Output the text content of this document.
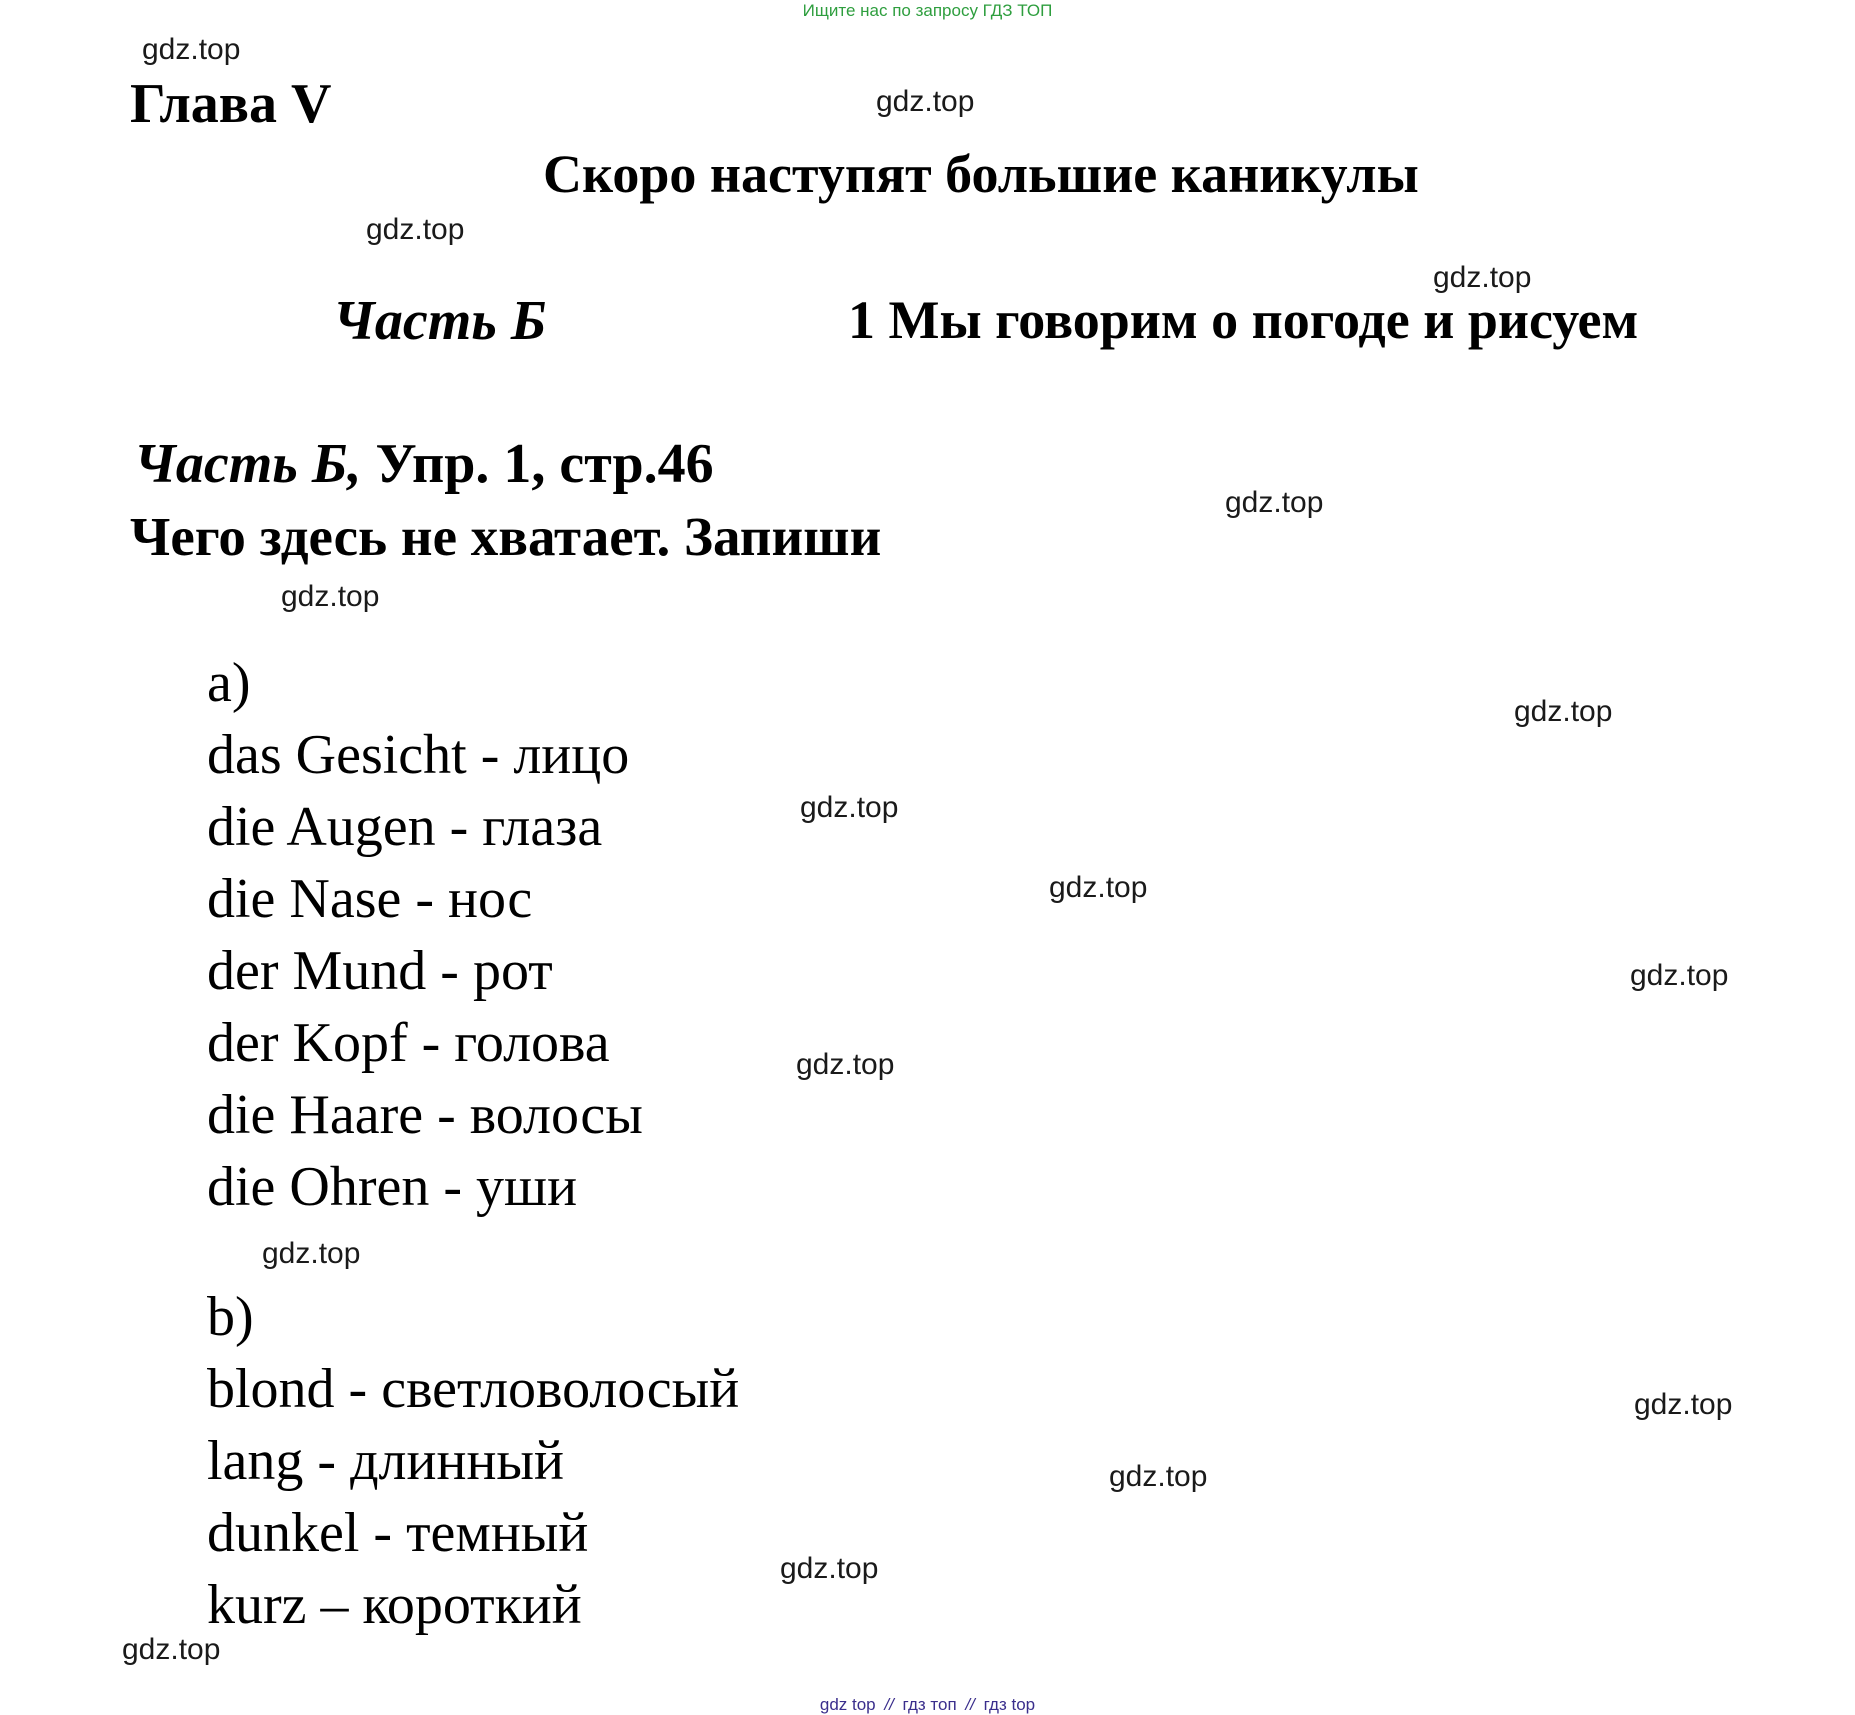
Ищите нас по запросу ГДЗ ТОП
gdz.top
gdz.top
gdz.top
gdz.top
gdz.top
gdz.top
gdz.top
gdz.top
gdz.top
gdz.top
gdz.top
gdz.top
gdz.top
gdz.top
gdz.top
gdz.top
Глава V
Скоро наступят большие каникулы
Часть Б	1 Мы говорим о погоде и рисуем
Часть Б, Упр. 1, стр.46
Чего здесь не хватает. Запиши
a)
das Gesicht - лицо
die Augen - глаза
die Nase - нос
der Mund - рот
der Kopf - голова
die Haare - волосы
die Ohren - уши
b)
blond - светловолосый
lang - длинный
dunkel - темный
kurz – короткий
gdz top // гдз топ // гдз top
